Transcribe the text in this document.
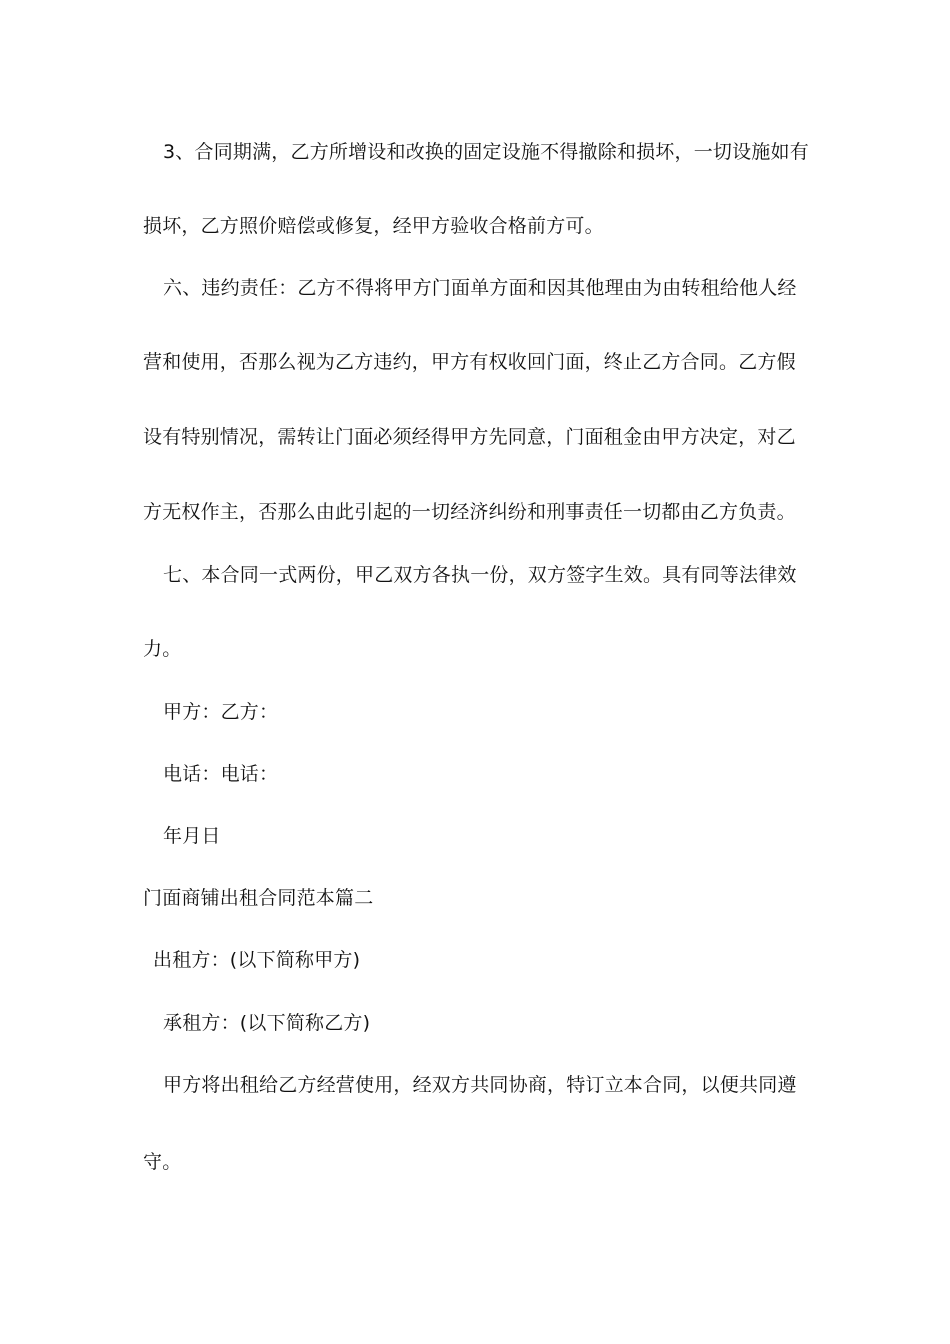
3、合同期满，乙方所增设和改换的固定设施不得撤除和损坏，一切设施如有
损坏，乙方照价赔偿或修复，经甲方验收合格前方可。
六、违约责任：乙方不得将甲方门面单方面和因其他理由为由转租给他人经
营和使用，否那么视为乙方违约，甲方有权收回门面，终止乙方合同。乙方假
设有特别情况，需转让门面必须经得甲方先同意，门面租金由甲方决定，对乙
方无权作主，否那么由此引起的一切经济纠纷和刑事责任一切都由乙方负责。
七、本合同一式两份，甲乙双方各执一份，双方签字生效。具有同等法律效
力。
甲方：乙方：
电话：电话：
年月日
门面商铺出租合同范本篇二
出租方：(以下简称甲方)
承租方：(以下简称乙方)
甲方将出租给乙方经营使用，经双方共同协商，特订立本合同，以便共同遵
守。
